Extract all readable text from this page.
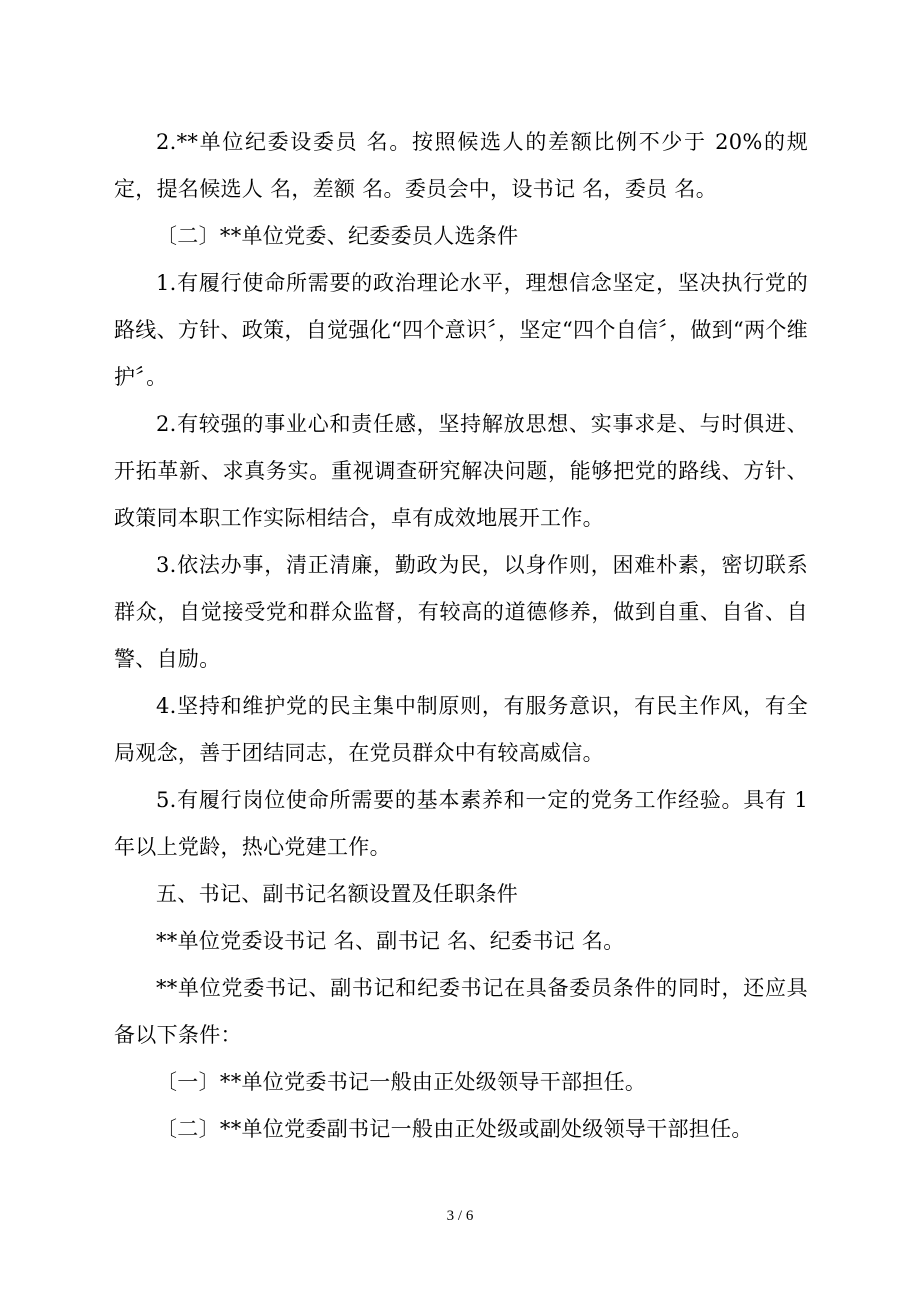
2.**单位纪委设委员 名。按照候选人的差额比例不少于 20%的规定，提名候选人 名，差额 名。委员会中，设书记 名，委员 名。

〔二〕**单位党委、纪委委员人选条件

1.有履行使命所需要的政治理论水平，理想信念坚定，坚决执行党的路线、方针、政策，自觉强化“四个意识〞，坚定“四个自信〞，做到“两个维护〞。

2.有较强的事业心和责任感，坚持解放思想、实事求是、与时俱进、开拓革新、求真务实。重视调查研究解决问题，能够把党的路线、方针、政策同本职工作实际相结合，卓有成效地展开工作。

3.依法办事，清正清廉，勤政为民，以身作则，困难朴素，密切联系群众，自觉接受党和群众监督，有较高的道德修养，做到自重、自省、自警、自励。

4.坚持和维护党的民主集中制原则，有服务意识，有民主作风，有全局观念，善于团结同志，在党员群众中有较高威信。

5.有履行岗位使命所需要的基本素养和一定的党务工作经验。具有 1 年以上党龄，热心党建工作。

五、书记、副书记名额设置及任职条件

**单位党委设书记 名、副书记 名、纪委书记 名。

**单位党委书记、副书记和纪委书记在具备委员条件的同时，还应具备以下条件：

〔一〕**单位党委书记一般由正处级领导干部担任。

〔二〕**单位党委副书记一般由正处级或副处级领导干部担任。

3 / 6
